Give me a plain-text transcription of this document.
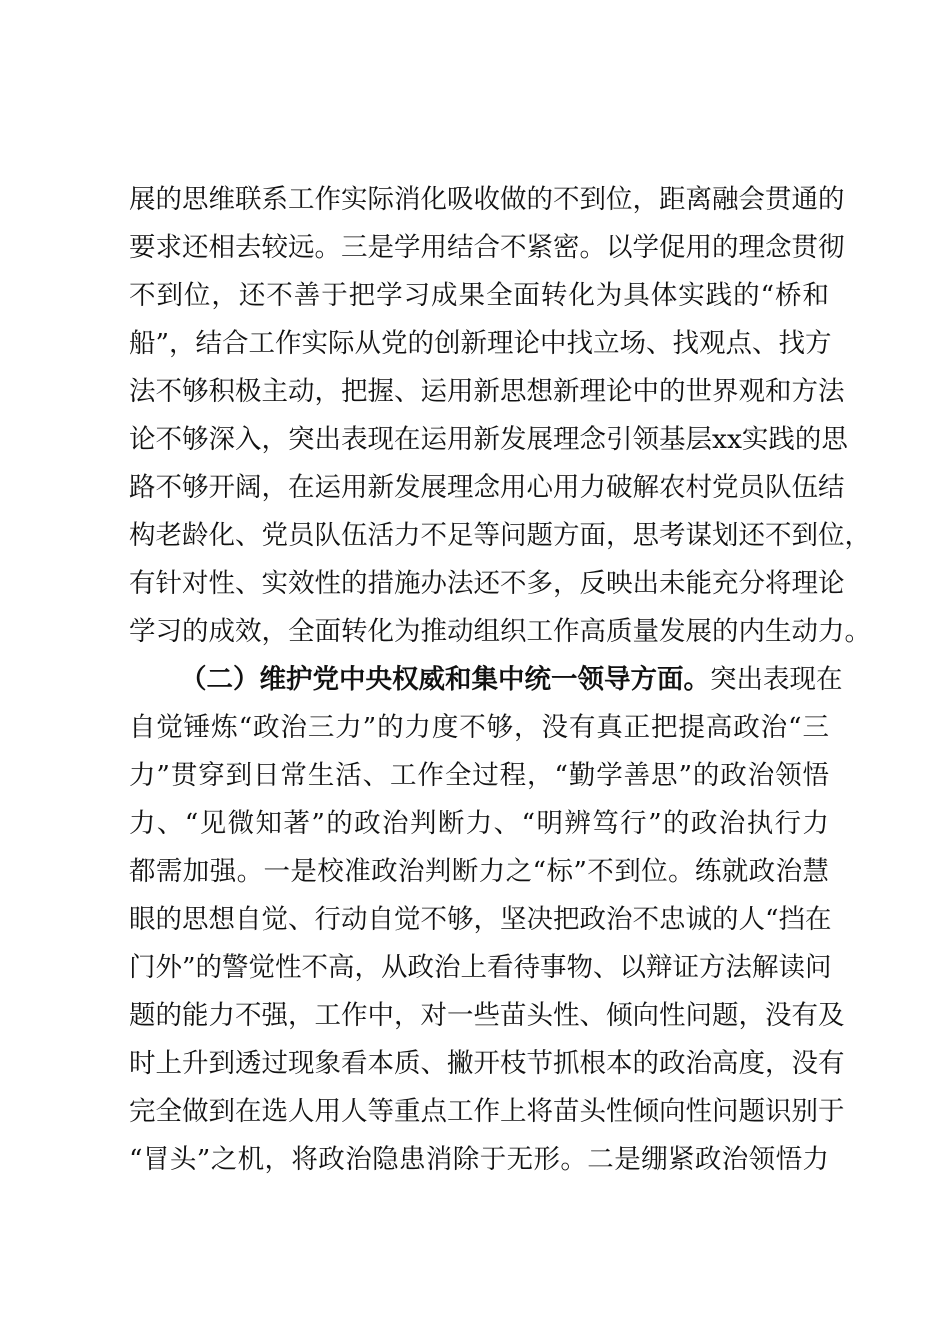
展的思维联系工作实际消化吸收做的不到位，距离融会贯通的
要求还相去较远。三是学用结合不紧密。以学促用的理念贯彻
不到位，还不善于把学习成果全面转化为具体实践的“桥和
船”，结合工作实际从党的创新理论中找立场、找观点、找方
法不够积极主动，把握、运用新思想新理论中的世界观和方法
论不够深入，突出表现在运用新发展理念引领基层xx实践的思
路不够开阔，在运用新发展理念用心用力破解农村党员队伍结
构老龄化、党员队伍活力不足等问题方面，思考谋划还不到位，
有针对性、实效性的措施办法还不多，反映出未能充分将理论
学习的成效，全面转化为推动组织工作高质量发展的内生动力。
（二）维护党中央权威和集中统一领导方面。突出表现在
自觉锤炼“政治三力”的力度不够，没有真正把提高政治“三
力”贯穿到日常生活、工作全过程，“勤学善思”的政治领悟
力、“见微知著”的政治判断力、“明辨笃行”的政治执行力
都需加强。一是校准政治判断力之“标”不到位。练就政治慧
眼的思想自觉、行动自觉不够，坚决把政治不忠诚的人“挡在
门外”的警觉性不高，从政治上看待事物、以辩证方法解读问
题的能力不强，工作中，对一些苗头性、倾向性问题，没有及
时上升到透过现象看本质、撇开枝节抓根本的政治高度，没有
完全做到在选人用人等重点工作上将苗头性倾向性问题识别于
“冒头”之机，将政治隐患消除于无形。二是绷紧政治领悟力
